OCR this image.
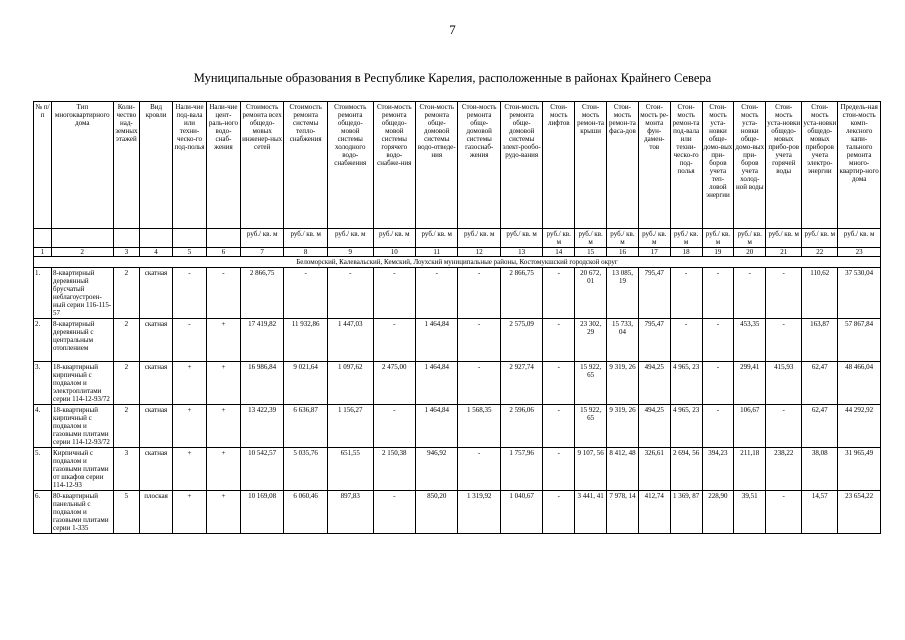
7
Муниципальные образования в Республике Карелия, расположенные в районах Крайнего Севера
№ п/п	Тип многоквартирного дома	Коли-чество над-земных этажей	Вид кровли	Нали-чие под-вала или техни-ческо-го под-полья	Нали-чие цент-раль-ного водо-снаб-жения	Стоимость ремонта всех общедо-мовых инженер-ных сетей	Стоимость ремонта системы тепло-снабжения	Стоимость ремонта общедо-мовой системы холодного водо-снабжения	Стои-мость ремонта общедо-мовой системы горячего водо-снабже-ния	Стои-мость ремонта обще-домовой системы водо-отведе-ния	Стои-мость ремонта обще-домовой системы газоснаб-жения	Стои-мость ремонта обще-домовой системы элект-рообо-рудо-вания	Стои-мость лифтов	Стои-мость ремон-та крыши	Стои-мость ремон-та фаса-дов	Стои-мость ре-монта фун-дамен-тов	Стои-мость ремон-та под-вала или техни-ческо-го под-полья	Стои-мость уста-новки обще-домо-вых при-боров учета теп-ловой энергии	Стои-мость уста-новки обще-домо-вых при-боров учета холод-ной воды	Стои-мость уста-новки общедо-мовых прибо-ров учета горячей воды	Стои-мость уста-новки общедо-мовых приборов учета электро-энергии	Предель-ная стои-мость комп-лексного капи-тального ремонта много-квартир-ного дома
						руб./ кв. м	руб./ кв. м	руб./ кв. м	руб./ кв. м	руб./ кв. м	руб./ кв. м	руб./ кв. м	руб./ кв. м	руб./ кв. м	руб./ кв. м	руб./ кв. м	руб./ кв. м	руб./ кв. м	руб./ кв. м	руб./ кв. м	руб./ кв. м	руб./ кв. м
1	2	3	4	5	6	7	8	9	10	11	12	13	14	15	16	17	18	19	20	21	22	23
Беломорский, Калевальский, Кемский, Лоухский муниципальные районы, Костомукшский городской округ																						
1.	8-квартирный деревянный брусчатый неблагоустроен-ный серии 116-115-57	2	скатная	-	-	2 866,75	-	-	-	-	-	2 866,75	-	20 672, 01	13 085, 19	795,47	-	-	-	-	110,62	37 530,04
2.	8-квартирный деревянный с центральным отоплением	2	скатная	-	+	17 419,82	11 932,86	1 447,03	-	1 464,84	-	2 575,09	-	23 302, 29	15 733, 04	795,47	-	-	453,35	-	163,87	57 867,84
3.	18-квартирный кирпичный с подвалом и электроплитами серии 114-12-93/72	2	скатная	+	+	16 986,84	9 021,64	1 097,62	2 475,00	1 464,84	-	2 927,74	-	15 922, 65	9 319, 26	494,25	4 965, 23	-	299,41	415,93	62,47	48 466,04
4.	18-квартирный кирпичный с подвалом и газовыми плитами серии 114-12-93/72	2	скатная	+	+	13 422,39	6 636,87	1 156,27	-	1 464,84	1 568,35	2 596,06	-	15 922, 65	9 319, 26	494,25	4 965, 23	-	106,67	-	62,47	44 292,92
5.	Кирпичный с подвалом и газовыми плитами от шкафов серии 114-12-93	3	скатная	+	+	10 542,57	5 035,76	651,55	2 150,38	946,92	-	1 757,96	-	9 107, 56	8 412, 48	326,61	2 694, 56	394,23	211,18	238,22	38,08	31 965,49
6.	80-квартирный панельный с подвалом и газовыми плитами серии 1-335	5	плоская	+	+	10 169,08	6 060,46	897,83	-	850,20	1 319,92	1 040,67	-	3 441, 41	7 978, 14	412,74	1 369, 87	228,90	39,51	-	14,57	23 654,22
